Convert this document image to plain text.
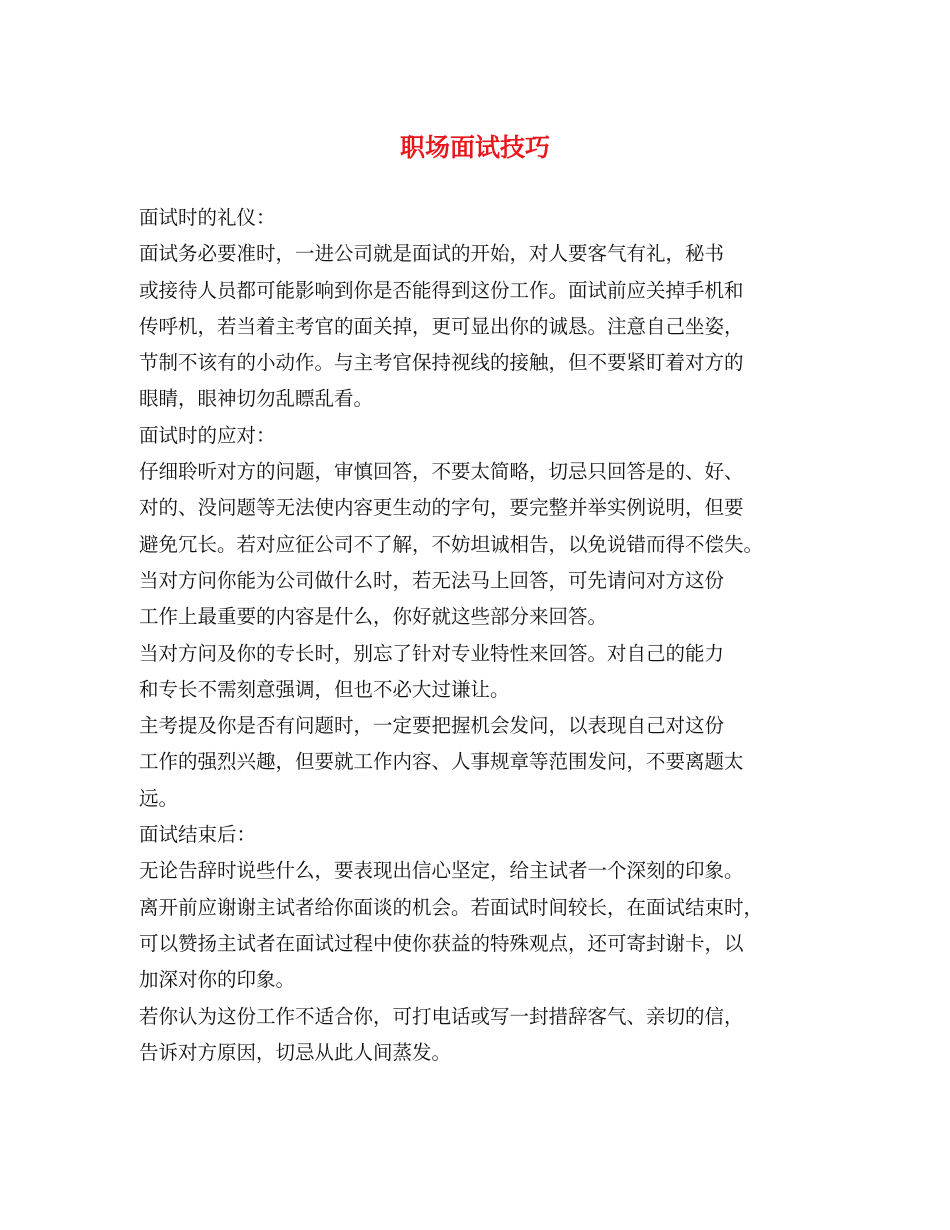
职场面试技巧

面试时的礼仪：

面试务必要准时，一进公司就是面试的开始，对人要客气有礼，秘书

或接待人员都可能影响到你是否能得到这份工作。面试前应关掉手机和

传呼机，若当着主考官的面关掉，更可显出你的诚恳。注意自己坐姿，

节制不该有的小动作。与主考官保持视线的接触，但不要紧盯着对方的

眼睛，眼神切勿乱瞟乱看。

面试时的应对：

仔细聆听对方的问题，审慎回答，不要太简略，切忌只回答是的、好、

对的、没问题等无法使内容更生动的字句，要完整并举实例说明，但要

避免冗长。若对应征公司不了解，不妨坦诚相告，以免说错而得不偿失。

当对方问你能为公司做什么时，若无法马上回答，可先请问对方这份

工作上最重要的内容是什么，你好就这些部分来回答。

当对方问及你的专长时，别忘了针对专业特性来回答。对自己的能力

和专长不需刻意强调，但也不必大过谦让。

主考提及你是否有问题时，一定要把握机会发问，以表现自己对这份

工作的强烈兴趣，但要就工作内容、人事规章等范围发问，不要离题太

远。

面试结束后：

无论告辞时说些什么，要表现出信心坚定，给主试者一个深刻的印象。

离开前应谢谢主试者给你面谈的机会。若面试时间较长，在面试结束时，

可以赞扬主试者在面试过程中使你获益的特殊观点，还可寄封谢卡，以

加深对你的印象。

若你认为这份工作不适合你，可打电话或写一封措辞客气、亲切的信，

告诉对方原因，切忌从此人间蒸发。
